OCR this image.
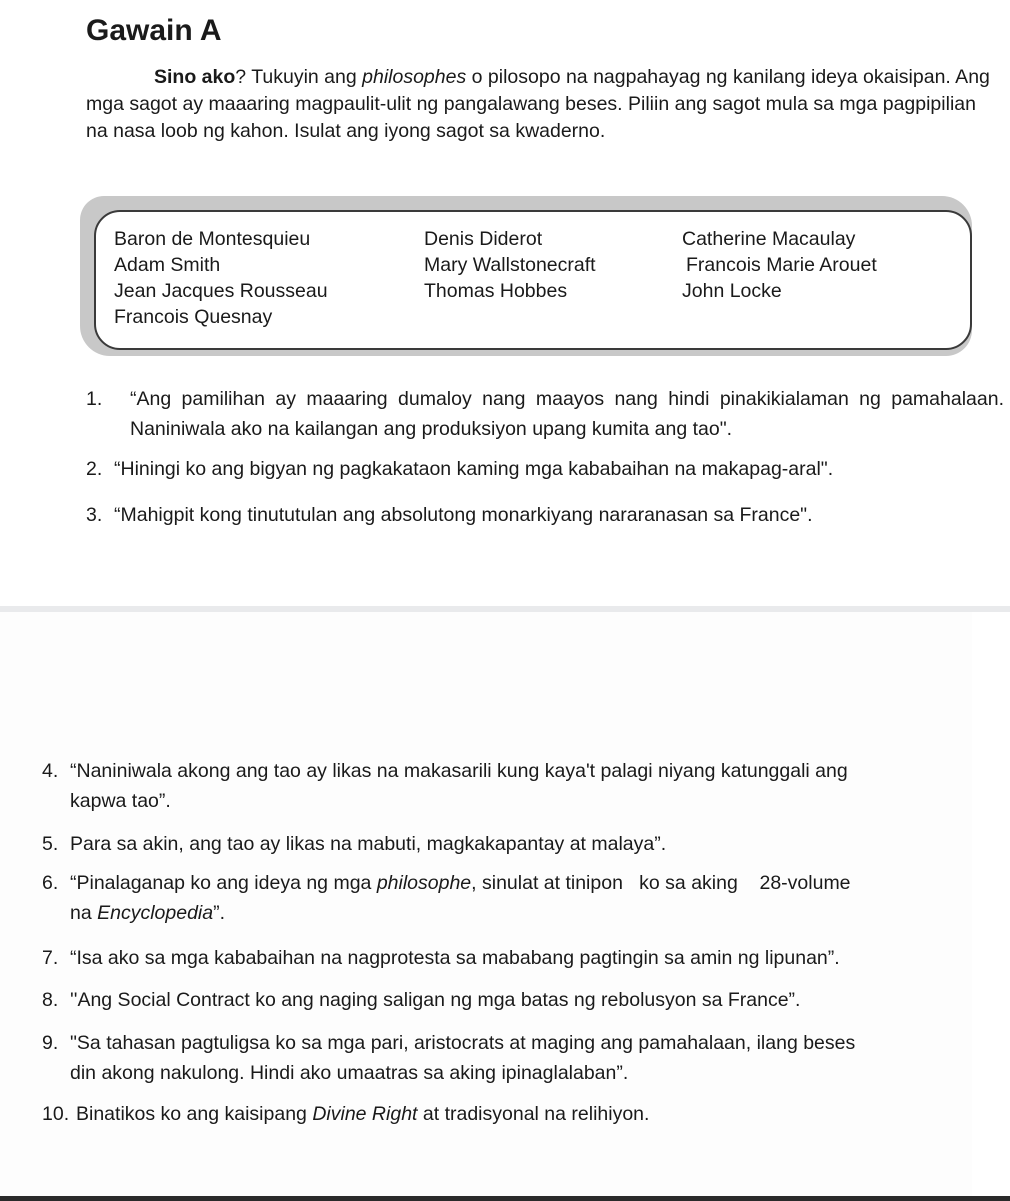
Gawain A
Sino ako? Tukuyin ang philosophes o pilosopo na nagpahayag ng kanilang ideya okaisipan. Ang mga sagot ay maaaring magpaulit-ulit ng pangalawang beses. Piliin ang sagot mula sa mga pagpipilian na nasa loob ng kahon. Isulat ang iyong sagot sa kwaderno.
Baron de Montesquieu	Denis Diderot	Catherine Macaulay
Adam Smith	Mary Wallstonecraft	Francois Marie Arouet
Jean Jacques Rousseau	Thomas Hobbes	John Locke
Francois Quesnay
1. “Ang pamilihan ay maaaring dumaloy nang maayos nang hindi pinakikialaman ng pamahalaan. Naniniwala ako na kailangan ang produksiyon upang kumita ang tao".
2. “Hiningi ko ang bigyan ng pagkakataon kaming mga kababaihan na makapag-aral".
3. “Mahigpit kong tinututulan ang absolutong monarkiyang nararanasan sa France".
4. “Naniniwala akong ang tao ay likas na makasarili kung kaya't palagi niyang katunggali ang
kapwa tao”.
5. Para sa akin, ang tao ay likas na mabuti, magkakapantay at malaya”.
6. “Pinalaganap ko ang ideya ng mga philosophe, sinulat at tinipon   ko sa aking    28-volume
na Encyclopedia”.
7. “Isa ako sa mga kababaihan na nagprotesta sa mababang pagtingin sa amin ng lipunan”.
8. ''Ang Social Contract ko ang naging saligan ng mga batas ng rebolusyon sa France”.
9. "Sa tahasan pagtuligsa ko sa mga pari, aristocrats at maging ang pamahalaan, ilang beses
din akong nakulong. Hindi ako umaatras sa aking ipinaglalaban”.
10. Binatikos ko ang kaisipang Divine Right at tradisyonal na relihiyon.
